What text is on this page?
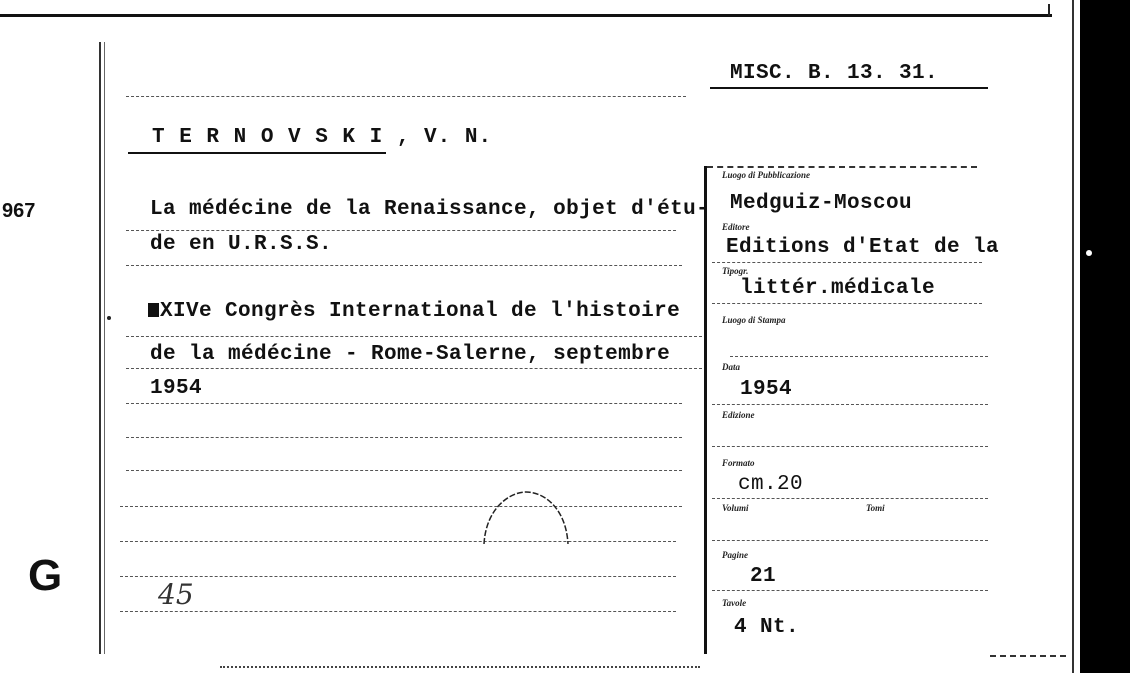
967
G
MISC. B. 13. 31.
T E R N O V S K I , V. N.
La médécine de la Renaissance, objet d'étu-
de en U.R.S.S.
XIVe Congrès International de l'histoire
de la médécine - Rome-Salerne, septembre
1954
45
Luogo di Pubblicazione
Medguiz-Moscou
Editore
Editions d'Etat de la
Tipogr.
littér.médicale
Luogo di Stampa
Data
1954
Edizione
Formato
cm.20
Volumi	Tomi
Pagine
21
Tavole
4 Nt.
